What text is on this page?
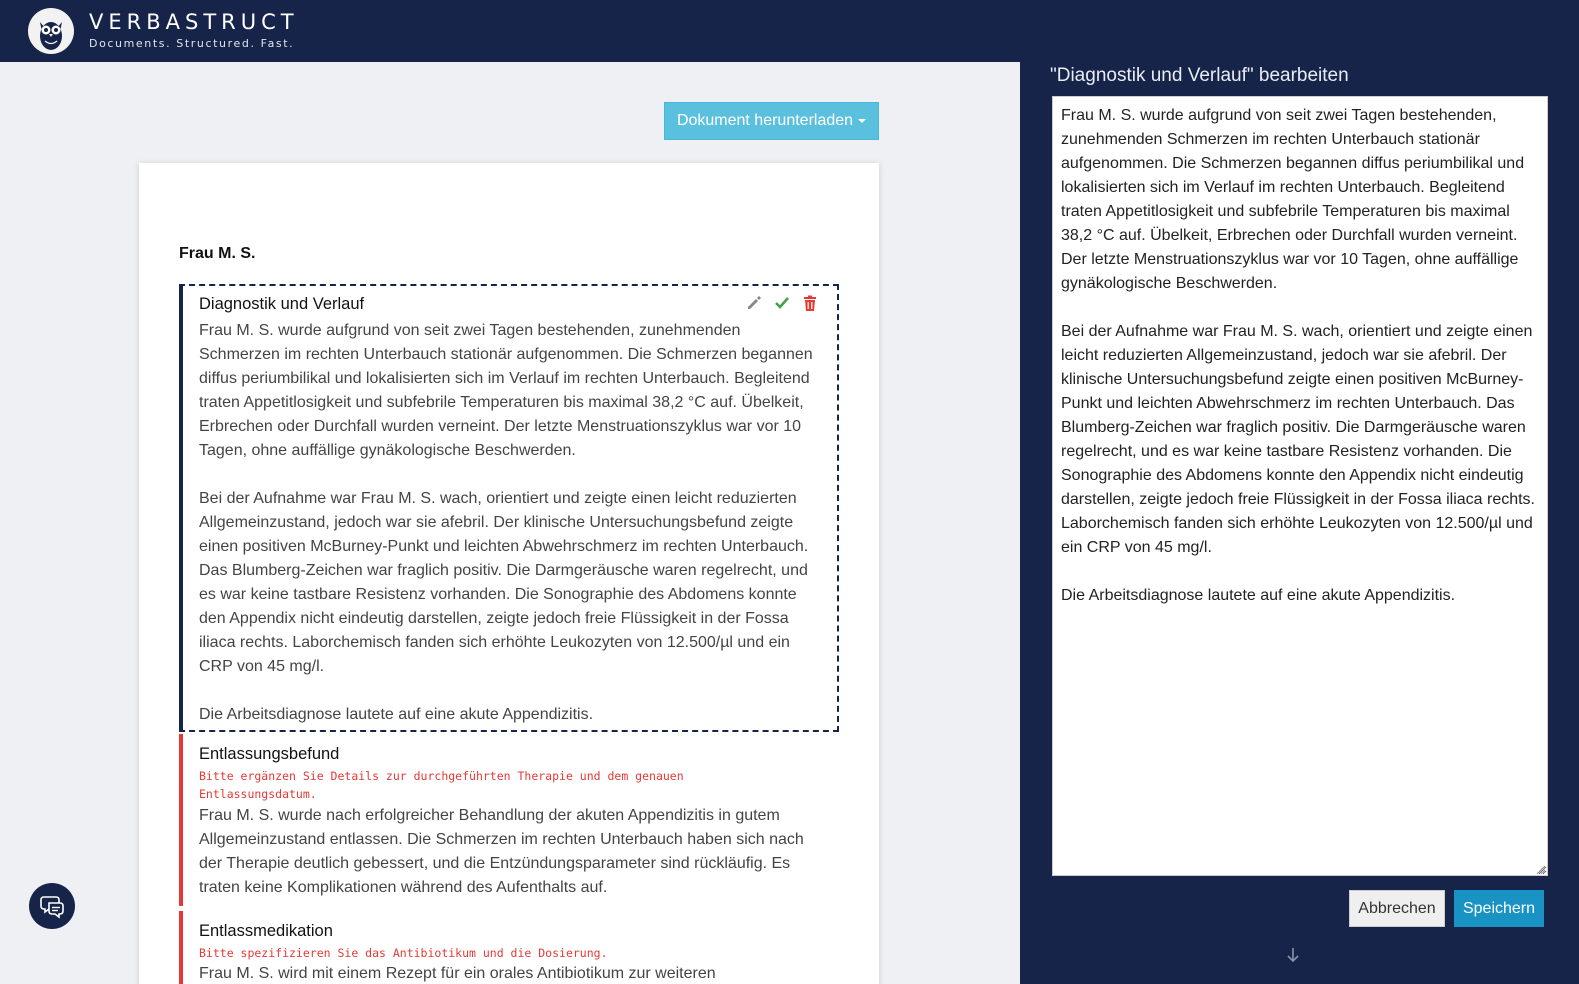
VERBASTRUCT
Documents. Structured. Fast.
Dokument herunterladen
Frau M. S.
Diagnostik und Verlauf
Frau M. S. wurde aufgrund von seit zwei Tagen bestehenden, zunehmenden Schmerzen im rechten Unterbauch stationär aufgenommen. Die Schmerzen begannen diffus periumbilikal und lokalisierten sich im Verlauf im rechten Unterbauch. Begleitend traten Appetitlosigkeit und subfebrile Temperaturen bis maximal 38,2 °C auf. Übelkeit, Erbrechen oder Durchfall wurden verneint. Der letzte Menstruationszyklus war vor 10 Tagen, ohne auffällige gynäkologische Beschwerden.

Bei der Aufnahme war Frau M. S. wach, orientiert und zeigte einen leicht reduzierten Allgemeinzustand, jedoch war sie afebril. Der klinische Untersuchungsbefund zeigte einen positiven McBurney-Punkt und leichten Abwehrschmerz im rechten Unterbauch. Das Blumberg-Zeichen war fraglich positiv. Die Darmgeräusche waren regelrecht, und es war keine tastbare Resistenz vorhanden. Die Sonographie des Abdomens konnte den Appendix nicht eindeutig darstellen, zeigte jedoch freie Flüssigkeit in der Fossa iliaca rechts. Laborchemisch fanden sich erhöhte Leukozyten von 12.500/µl und ein CRP von 45 mg/l.

Die Arbeitsdiagnose lautete auf eine akute Appendizitis.
Entlassungsbefund
Bitte ergänzen Sie Details zur durchgeführten Therapie und dem genauen Entlassungsdatum.
Frau M. S. wurde nach erfolgreicher Behandlung der akuten Appendizitis in gutem Allgemeinzustand entlassen. Die Schmerzen im rechten Unterbauch haben sich nach der Therapie deutlich gebessert, und die Entzündungsparameter sind rückläufig. Es traten keine Komplikationen während des Aufenthalts auf.
Entlassmedikation
Bitte spezifizieren Sie das Antibiotikum und die Dosierung.
Frau M. S. wird mit einem Rezept für ein orales Antibiotikum zur weiteren
"Diagnostik und Verlauf" bearbeiten
Frau M. S. wurde aufgrund von seit zwei Tagen bestehenden, zunehmenden Schmerzen im rechten Unterbauch stationär aufgenommen. Die Schmerzen begannen diffus periumbilikal und lokalisierten sich im Verlauf im rechten Unterbauch. Begleitend traten Appetitlosigkeit und subfebrile Temperaturen bis maximal 38,2 °C auf. Übelkeit, Erbrechen oder Durchfall wurden verneint. Der letzte Menstruationszyklus war vor 10 Tagen, ohne auffällige gynäkologische Beschwerden.

Bei der Aufnahme war Frau M. S. wach, orientiert und zeigte einen leicht reduzierten Allgemeinzustand, jedoch war sie afebril. Der klinische Untersuchungsbefund zeigte einen positiven McBurney-Punkt und leichten Abwehrschmerz im rechten Unterbauch. Das Blumberg-Zeichen war fraglich positiv. Die Darmgeräusche waren regelrecht, und es war keine tastbare Resistenz vorhanden. Die Sonographie des Abdomens konnte den Appendix nicht eindeutig darstellen, zeigte jedoch freie Flüssigkeit in der Fossa iliaca rechts. Laborchemisch fanden sich erhöhte Leukozyten von 12.500/µl und ein CRP von 45 mg/l.

Die Arbeitsdiagnose lautete auf eine akute Appendizitis.
Abbrechen	Speichern
